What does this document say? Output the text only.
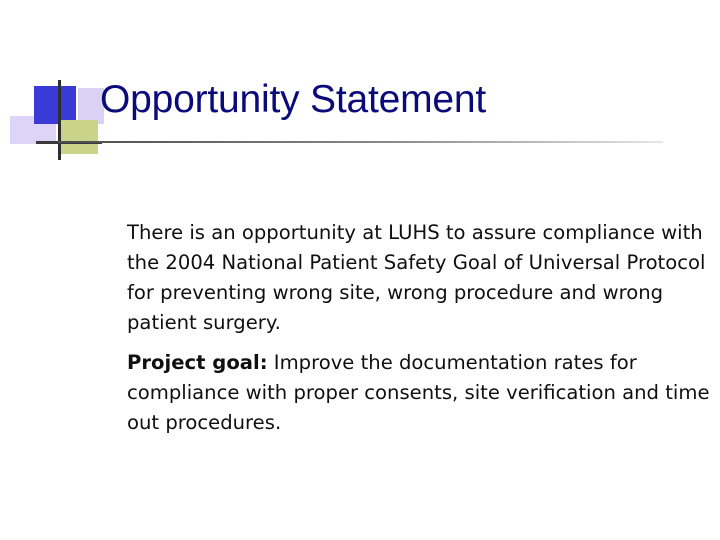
Opportunity Statement

There is an opportunity at LUHS to assure compliance with the 2004 National Patient Safety Goal of Universal Protocol for preventing wrong site, wrong procedure and wrong patient surgery.

Project goal: Improve the documentation rates for compliance with proper consents, site verification and time out procedures.
